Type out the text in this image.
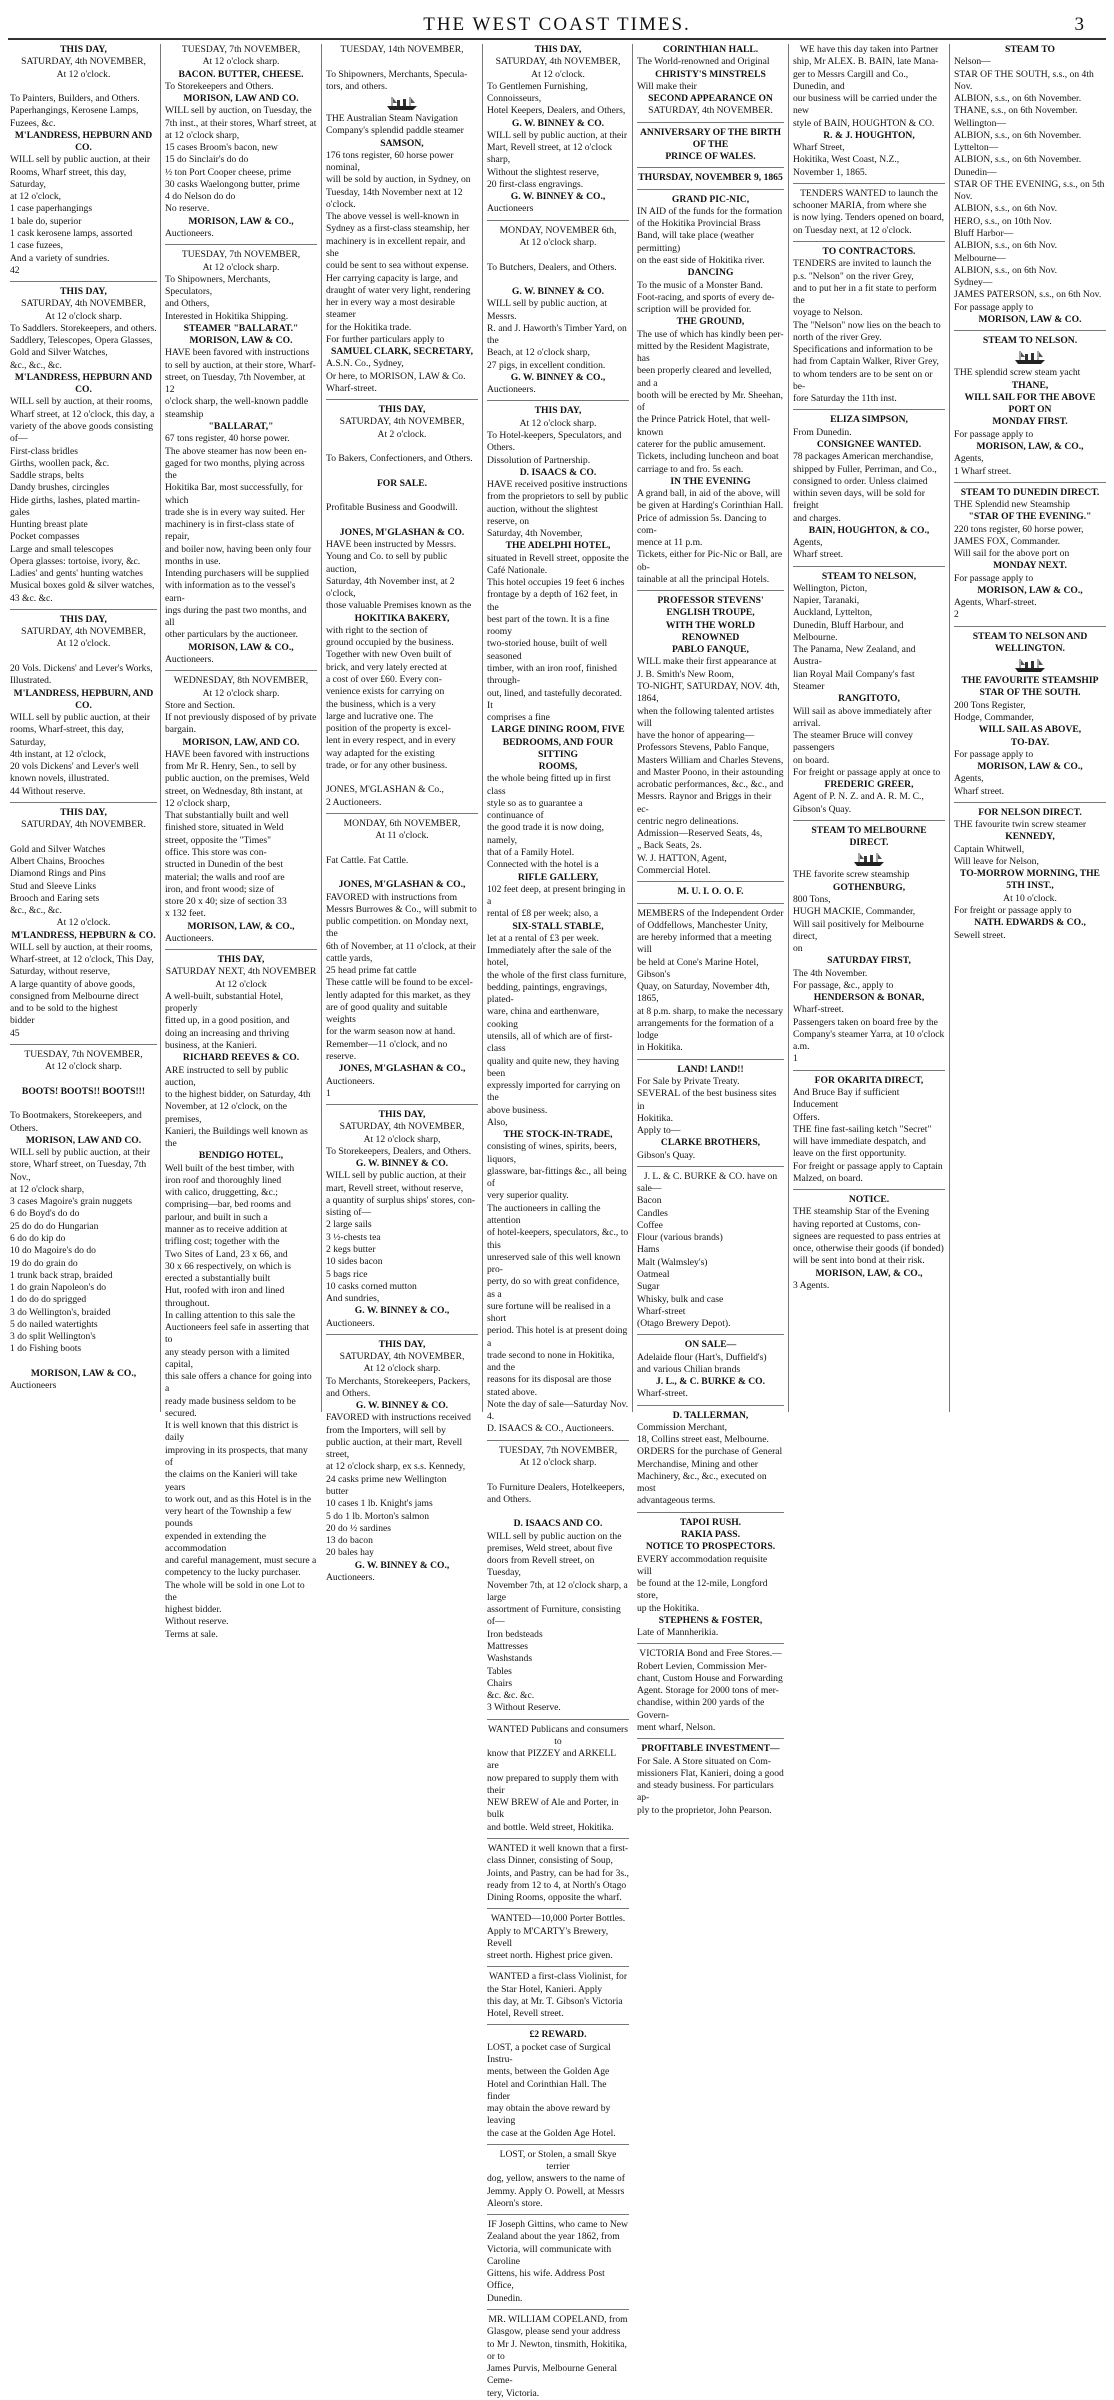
THE WEST COAST TIMES.	3

THIS DAY,

SATURDAY, 4th NOVEMBER,

At 12 o'clock.

To Painters, Builders, and Others.

Paperhangings, Kerosene Lamps,

Fuzees, &c.

M'LANDRESS, HEPBURN AND CO.

WILL sell by public auction, at their

Rooms, Wharf street, this day, Saturday,

at 12 o'clock,

1 case paperhangings

1 bale do, superior

1 cask kerosene lamps, assorted

1 case fuzees,

And a variety of sundries.

42

THIS DAY,

SATURDAY, 4th NOVEMBER,

At 12 o'clock sharp.

To Saddlers. Storekeepers, and others.

Saddlery, Telescopes, Opera Glasses,

Gold and Silver Watches,

&c., &c., &c.

M'LANDRESS, HEPBURN AND CO.

WILL sell by auction, at their rooms,

Wharf street, at 12 o'clock, this day, a

variety of the above goods consisting

of—

First-class bridles

Girths, woollen pack, &c.

Saddle straps, belts

Dandy brushes, circingles

Hide girths, lashes, plated martin-

gales

Hunting breast plate

Pocket compasses

Large and small telescopes

Opera glasses: tortoise, ivory, &c.

Ladies' and gents' hunting watches

Musical boxes gold & silver watches,

43 &c. &c.

THIS DAY,

SATURDAY, 4th NOVEMBER,

At 12 o'clock.

20 Vols. Dickens' and Lever's Works,

Illustrated.

M'LANDRESS, HEPBURN, AND CO.

WILL sell by public auction, at their

rooms, Wharf-street, this day, Saturday,

4th instant, at 12 o'clock,

20 vols Dickens' and Lever's well

known novels, illustrated.

44 Without reserve.

THIS DAY,

SATURDAY, 4th NOVEMBER.

Gold and Silver Watches

Albert Chains, Brooches

Diamond Rings and Pins

Stud and Sleeve Links

Brooch and Earing sets

&c., &c., &c.

At 12 o'clock.

M'LANDRESS, HEPBURN & CO.

WILL sell by auction, at their rooms,

Wharf-street, at 12 o'clock, This Day,

Saturday, without reserve,

A large quantity of above goods,

consigned from Melbourne direct

and to be sold to the highest

bidder

45

TUESDAY, 7th NOVEMBER,

At 12 o'clock sharp.

BOOTS! BOOTS!! BOOTS!!!

To Bootmakers, Storekeepers, and

Others.

MORISON, LAW AND CO.

WILL sell by public auction, at their

store, Wharf street, on Tuesday, 7th Nov.,

at 12 o'clock sharp,

3 cases Magoire's grain nuggets

6 do Boyd's do do

25 do do do Hungarian

6 do do kip do

10 do Magoire's do do

19 do do grain do

1 trunk back strap, braided

1 do grain Napoleon's do

1 do do do sprigged

3 do Wellington's, braided

5 do nailed watertights

3 do split Wellington's

1 do Fishing boots

MORISON, LAW & CO.,

Auctioneers

TUESDAY, 7th NOVEMBER,

At 12 o'clock sharp.

BACON. BUTTER, CHEESE.

To Storekeepers and Others.

MORISON, LAW AND CO.

WILL sell by auction, on Tuesday, the

7th inst., at their stores, Wharf street, at

at 12 o'clock sharp,

15 cases Broom's bacon, new

15 do Sinclair's do do

½ ton Port Cooper cheese, prime

30 casks Waelongong butter, prime

4 do Nelson do do

No reserve.

MORISON, LAW & CO.,

Auctioneers.

TUESDAY, 7th NOVEMBER,

At 12 o'clock sharp.

To Shipowners, Merchants, Speculators,

and Others,

Interested in Hokitika Shipping.

STEAMER "BALLARAT."

MORISON, LAW & CO.

HAVE been favored with instructions

to sell by auction, at their store, Wharf-

street, on Tuesday, 7th November, at 12

o'clock sharp, the well-known paddle

steamship

"BALLARAT,"

67 tons register, 40 horse power.

The above steamer has now been en-

gaged for two months, plying across the

Hokitika Bar, most successfully, for which

trade she is in every way suited. Her

machinery is in first-class state of repair,

and boiler now, having been only four

months in use.

Intending purchasers will be supplied

with information as to the vessel's earn-

ings during the past two months, and all

other particulars by the auctioneer.

MORISON, LAW & CO.,

Auctioneers.

WEDNESDAY, 8th NOVEMBER,

At 12 o'clock sharp.

Store and Section.

If not previously disposed of by private

bargain.

MORISON, LAW, AND CO.

HAVE been favored with instructions

from Mr R. Henry, Sen., to sell by

public auction, on the premises, Weld

street, on Wednesday, 8th instant, at

12 o'clock sharp,

That substantially built and well

finished store, situated in Weld

street, opposite the "Times"

office. This store was con-

structed in Dunedin of the best

material; the walls and roof are

iron, and front wood; size of

store 20 x 40; size of section 33

x 132 feet.

MORISON, LAW, & CO.,

Auctioneers.

THIS DAY,

SATURDAY NEXT, 4th NOVEMBER

At 12 o'clock

A well-built, substantial Hotel, properly

fitted up, in a good position, and

doing an increasing and thriving

business, at the Kanieri.

RICHARD REEVES & CO.

ARE instructed to sell by public auction,

to the highest bidder, on Saturday, 4th

November, at 12 o'clock, on the premises,

Kanieri, the Buildings well known as the

BENDIGO HOTEL,

Well built of the best timber, with

iron roof and thoroughly lined

with calico, druggetting, &c.;

comprising—bar, bed rooms and

parlour, and built in such a

manner as to receive addition at

trifling cost; together with the

Two Sites of Land, 23 x 66, and

30 x 66 respectively, on which is

erected a substantially built

Hut, roofed with iron and lined

throughout.

In calling attention to this sale the

Auctioneers feel safe in asserting that to

any steady person with a limited capital,

this sale offers a chance for going into a

ready made business seldom to be secured.

It is well known that this district is daily

improving in its prospects, that many of

the claims on the Kanieri will take years

to work out, and as this Hotel is in the

very heart of the Township a few pounds

expended in extending the accommodation

and careful management, must secure a

competency to the lucky purchaser.

The whole will be sold in one Lot to the

highest bidder.

Without reserve.

Terms at sale.

TUESDAY, 14th NOVEMBER,

To Shipowners, Merchants, Specula-

tors, and others.

THE Australian Steam Navigation

Company's splendid paddle steamer

SAMSON,

176 tons register, 60 horse power nominal,

will be sold by auction, in Sydney, on

Tuesday, 14th November next at 12

o'clock.

The above vessel is well-known in

Sydney as a first-class steamship, her

machinery is in excellent repair, and she

could be sent to sea without expense.

Her carrying capacity is large, and

draught of water very light, rendering

her in every way a most desirable steamer

for the Hokitika trade.

For further particulars apply to

SAMUEL CLARK, SECRETARY,

A.S.N. Co., Sydney,

Or here, to MORISON, LAW & Co.

Wharf-street.

THIS DAY,

SATURDAY, 4th NOVEMBER,

At 2 o'clock.

To Bakers, Confectioners, and Others.

FOR SALE.

Profitable Business and Goodwill.

JONES, M'GLASHAN & CO.

HAVE been instructed by Messrs.

Young and Co. to sell by public auction,

Saturday, 4th November inst, at 2 o'clock,

those valuable Premises known as the

HOKITIKA BAKERY,

with right to the section of

ground occupied by the business.

Together with new Oven built of

brick, and very lately erected at

a cost of over £60. Every con-

venience exists for carrying on

the business, which is a very

large and lucrative one. The

position of the property is excel-

lent in every respect, and in every

way adapted for the existing

trade, or for any other business.

JONES, M'GLASHAN & Co.,

2 Auctioneers.

MONDAY, 6th NOVEMBER,

At 11 o'clock.

Fat Cattle. Fat Cattle.

JONES, M'GLASHAN & CO.,

FAVORED with instructions from

Messrs Burrowes & Co., will submit to

public competition. on Monday next, the

6th of November, at 11 o'clock, at their

cattle yards,

25 head prime fat cattle

These cattle will be found to be excel-

lently adapted for this market, as they

are of good quality and suitable weights

for the warm season now at hand.

Remember—11 o'clock, and no reserve.

JONES, M'GLASHAN & CO.,

Auctioneers.

1

THIS DAY,

SATURDAY, 4th NOVEMBER,

At 12 o'clock sharp,

To Storekeepers, Dealers, and Others.

G. W. BINNEY & CO.

WILL sell by public auction, at their

mart, Revell street, without reserve,

a quantity of surplus ships' stores, con-

sisting of—

2 large sails

3 ½-chests tea

2 kegs butter

10 sides bacon

5 bags rice

10 casks corned mutton

And sundries,

G. W. BINNEY & CO.,

Auctioneers.

THIS DAY,

SATURDAY, 4th NOVEMBER,

At 12 o'clock sharp.

To Merchants, Storekeepers, Packers,

and Others.

G. W. BINNEY & CO.

FAVORED with instructions received

from the Importers, will sell by

public auction, at their mart, Revell street,

at 12 o'clock sharp, ex s.s. Kennedy,

24 casks prime new Wellington

butter

10 cases 1 lb. Knight's jams

5 do 1 lb. Morton's salmon

20 do ½ sardines

13 do bacon

20 bales hay

G. W. BINNEY & CO.,

Auctioneers.

THIS DAY,

SATURDAY, 4th NOVEMBER,

At 12 o'clock.

To Gentlemen Furnishing, Connoisseurs,

Hotel Keepers, Dealers, and Others,

G. W. BINNEY & CO.

WILL sell by public auction, at their

Mart, Revell street, at 12 o'clock sharp,

Without the slightest reserve,

20 first-class engravings.

G. W. BINNEY & CO.,

Auctioneers

MONDAY, NOVEMBER 6th,

At 12 o'clock sharp.

To Butchers, Dealers, and Others.

G. W. BINNEY & CO.

WILL sell by public auction, at Messrs.

R. and J. Haworth's Timber Yard, on the

Beach, at 12 o'clock sharp,

27 pigs, in excellent condition.

G. W. BINNEY & CO.,

Auctioneers.

THIS DAY,

At 12 o'clock sharp.

To Hotel-keepers, Speculators, and

Others.

Dissolution of Partnership.

D. ISAACS & CO.

HAVE received positive instructions

from the proprietors to sell by public

auction, without the slightest reserve, on

Saturday, 4th November,

THE ADELPHI HOTEL,

situated in Revell street, opposite the

Café Nationale.

This hotel occupies 19 feet 6 inches

frontage by a depth of 162 feet, in the

best part of the town. It is a fine roomy

two-storied house, built of well seasoned

timber, with an iron roof, finished through-

out, lined, and tastefully decorated. It

comprises a fine

LARGE DINING ROOM, FIVE

BEDROOMS, AND FOUR SITTING

ROOMS,

the whole being fitted up in first class

style so as to guarantee a continuance of

the good trade it is now doing, namely,

that of a Family Hotel.

Connected with the hotel is a

RIFLE GALLERY,

102 feet deep, at present bringing in a

rental of £8 per week; also, a

SIX-STALL STABLE,

let at a rental of £3 per week.

Immediately after the sale of the hotel,

the whole of the first class furniture,

bedding, paintings, engravings, plated-

ware, china and earthenware, cooking

utensils, all of which are of first-class

quality and quite new, they having been

expressly imported for carrying on the

above business.

Also,

THE STOCK-IN-TRADE,

consisting of wines, spirits, beers, liquors,

glassware, bar-fittings &c., all being of

very superior quality.

The auctioneers in calling the attention

of hotel-keepers, speculators, &c., to this

unreserved sale of this well known pro-

perty, do so with great confidence, as a

sure fortune will be realised in a short

period. This hotel is at present doing a

trade second to none in Hokitika, and the

reasons for its disposal are those

stated above.

Note the day of sale—Saturday Nov. 4.

D. ISAACS & CO., Auctioneers.

TUESDAY, 7th NOVEMBER,

At 12 o'clock sharp.

To Furniture Dealers, Hotelkeepers,

and Others.

D. ISAACS AND CO.

WILL sell by public auction on the

premises, Weld street, about five

doors from Revell street, on Tuesday,

November 7th, at 12 o'clock sharp, a large

assortment of Furniture, consisting of—

Iron bedsteads

Mattresses

Washstands

Tables

Chairs

&c. &c. &c.

3 Without Reserve.

WANTED Publicans and consumers to

know that PIZZEY and ARKELL are

now prepared to supply them with their

NEW BREW of Ale and Porter, in bulk

and bottle. Weld street, Hokitika.

WANTED it well known that a first-

class Dinner, consisting of Soup,

Joints, and Pastry, can be had for 3s.,

ready from 12 to 4, at North's Otago

Dining Rooms, opposite the wharf.

WANTED—10,000 Porter Bottles.

Apply to M'CARTY's Brewery, Revell

street north. Highest price given.

WANTED a first-class Violinist, for

the Star Hotel, Kanieri. Apply

this day, at Mr. T. Gibson's Victoria

Hotel, Revell street.

£2 REWARD.

LOST, a pocket case of Surgical Instru-

ments, between the Golden Age

Hotel and Corinthian Hall. The finder

may obtain the above reward by leaving

the case at the Golden Age Hotel.

LOST, or Stolen, a small Skye terrier

dog, yellow, answers to the name of

Jemmy. Apply O. Powell, at Messrs

Aleorn's store.

IF Joseph Gittins, who came to New

Zealand about the year 1862, from

Victoria, will communicate with Caroline

Gittens, his wife. Address Post Office,

Dunedin.

MR. WILLIAM COPELAND, from

Glasgow, please send your address

to Mr J. Newton, tinsmith, Hokitika, or to

James Purvis, Melbourne General Ceme-

tery, Victoria.

CORINTHIAN HALL.

The World-renowned and Original

CHRISTY'S MINSTRELS

Will make their

SECOND APPEARANCE ON

SATURDAY, 4th NOVEMBER.

ANNIVERSARY OF THE BIRTH OF THE

PRINCE OF WALES.

THURSDAY, NOVEMBER 9, 1865

GRAND PIC-NIC,

IN AID of the funds for the formation

of the Hokitika Provincial Brass

Band, will take place (weather permitting)

on the east side of Hokitika river.

DANCING

To the music of a Monster Band.

Foot-racing, and sports of every de-

scription will be provided for.

THE GROUND,

The use of which has kindly been per-

mitted by the Resident Magistrate, has

been properly cleared and levelled, and a

booth will be erected by Mr. Sheehan, of

the Prince Patrick Hotel, that well-known

caterer for the public amusement.

Tickets, including luncheon and boat

carriage to and fro. 5s each.

IN THE EVENING

A grand ball, in aid of the above, will

be given at Harding's Corinthian Hall.

Price of admission 5s. Dancing to com-

mence at 11 p.m.

Tickets, either for Pic-Nic or Ball, are ob-

tainable at all the principal Hotels.

PROFESSOR STEVENS' ENGLISH TROUPE,

WITH THE WORLD RENOWNED

PABLO FANQUE,

WILL make their first appearance at

J. B. Smith's New Room,

TO-NIGHT, SATURDAY, NOV. 4th, 1864,

when the following talented artistes will

have the honor of appearing—

Professors Stevens, Pablo Fanque,

Masters William and Charles Stevens,

and Master Poono, in their astounding

acrobatic performances, &c., &c., and

Messrs. Raynor and Briggs in their ec-

centric negro delineations.

Admission—Reserved Seats, 4s,

„ Back Seats, 2s.

W. J. HATTON, Agent,

Commercial Hotel.

M. U. I. O. O. F.

MEMBERS of the Independent Order

of Oddfellows, Manchester Unity,

are hereby informed that a meeting will

be held at Cone's Marine Hotel, Gibson's

Quay, on Saturday, November 4th, 1865,

at 8 p.m. sharp, to make the necessary

arrangements for the formation of a lodge

in Hokitika.

LAND! LAND!!

For Sale by Private Treaty.

SEVERAL of the best business sites in

Hokitika.

Apply to—

CLARKE BROTHERS,

Gibson's Quay.

J. L. & C. BURKE & CO. have on

sale—

Bacon

Candles

Coffee

Flour (various brands)

Hams

Malt (Walmsley's)

Oatmeal

Sugar

Whisky, bulk and case

Wharf-street

(Otago Brewery Depot).

ON SALE—

Adelaide flour (Hart's, Duffield's)

and various Chilian brands

J. L., & C. BURKE & CO.

Wharf-street.

D. TALLERMAN,

Commission Merchant,

18, Collins street east, Melbourne.

ORDERS for the purchase of General

Merchandise, Mining and other

Machinery, &c., &c., executed on most

advantageous terms.

TAPOI RUSH.

RAKIA PASS.

NOTICE TO PROSPECTORS.

EVERY accommodation requisite will

be found at the 12-mile, Longford store,

up the Hokitika.

STEPHENS & FOSTER,

Late of Mannherikia.

VICTORIA Bond and Free Stores.—

Robert Levien, Commission Mer-

chant, Custom House and Forwarding

Agent. Storage for 2000 tons of mer-

chandise, within 200 yards of the Govern-

ment wharf, Nelson.

PROFITABLE INVESTMENT—

For Sale. A Store situated on Com-

missioners Flat, Kanieri, doing a good

and steady business. For particulars ap-

ply to the proprietor, John Pearson.

WE have this day taken into Partner

ship, Mr ALEX. B. BAIN, late Mana-

ger to Messrs Cargill and Co., Dunedin, and

our business will be carried under the new

style of BAIN, HOUGHTON & CO.

R. & J. HOUGHTON,

Wharf Street,

Hokitika, West Coast, N.Z.,

November 1, 1865.

TENDERS WANTED to launch the

schooner MARIA, from where she

is now lying. Tenders opened on board,

on Tuesday next, at 12 o'clock.

TO CONTRACTORS.

TENDERS are invited to launch the

p.s. "Nelson" on the river Grey,

and to put her in a fit state to perform the

voyage to Nelson.

The "Nelson" now lies on the beach to

north of the river Grey.

Specifications and information to be

had from Captain Walker, River Grey,

to whom tenders are to be sent on or be-

fore Saturday the 11th inst.

ELIZA SIMPSON,

From Dunedin.

CONSIGNEE WANTED.

78 packages American merchandise,

shipped by Fuller, Perriman, and Co.,

consigned to order. Unless claimed

within seven days, will be sold for freight

and charges.

BAIN, HOUGHTON, & CO.,

Agents,

Wharf street.

STEAM TO NELSON,

Wellington, Picton,

Napier, Taranaki,

Auckland, Lyttelton,

Dunedin, Bluff Harbour, and

Melbourne.

The Panama, New Zealand, and Austra-

lian Royal Mail Company's fast

Steamer

RANGITOTO,

Will sail as above immediately after

arrival.

The steamer Bruce will convey passengers

on board.

For freight or passage apply at once to

FREDERIC GREER,

Agent of P. N. Z. and A. R. M. C.,

Gibson's Quay.

STEAM TO MELBOURNE DIRECT.

THE favorite screw steamship

GOTHENBURG,

800 Tons,

HUGH MACKIE, Commander,

Will sail positively for Melbourne direct,

on

SATURDAY FIRST,

The 4th November.

For passage, &c., apply to

HENDERSON & BONAR,

Wharf-street.

Passengers taken on board free by the

Company's steamer Yarra, at 10 o'clock

a.m.

1

FOR OKARITA DIRECT,

And Bruce Bay if sufficient Inducement

Offers.

THE fine fast-sailing ketch "Secret"

will have immediate despatch, and

leave on the first opportunity.

For freight or passage apply to Captain

Malzed, on board.

NOTICE.

THE steamship Star of the Evening

having reported at Customs, con-

signees are requested to pass entries at

once, otherwise their goods (if bonded)

will be sent into bond at their risk.

MORISON, LAW, & CO.,

3 Agents.

STEAM TO

Nelson—

STAR OF THE SOUTH, s.s., on 4th Nov.

ALBION, s.s., on 6th November.

THANE, s.s., on 6th November.

Wellington—

ALBION, s.s., on 6th November.

Lyttelton—

ALBION, s.s., on 6th November.

Dunedin—

STAR OF THE EVENING, s.s., on 5th Nov.

ALBION, s.s., on 6th Nov.

HERO, s.s., on 10th Nov.

Bluff Harbor—

ALBION, s.s., on 6th Nov.

Melbourne—

ALBION, s.s., on 6th Nov.

Sydney—

JAMES PATERSON, s.s., on 6th Nov.

For passage apply to

MORISON, LAW & CO.

STEAM TO NELSON.

THE splendid screw steam yacht

THANE,

WILL SAIL FOR THE ABOVE PORT ON

MONDAY FIRST.

For passage apply to

MORISON, LAW, & CO.,

Agents,

1 Wharf street.

STEAM TO DUNEDIN DIRECT.

THE Splendid new Steamship

"STAR OF THE EVENING."

220 tons register, 60 horse power,

JAMES FOX, Commander.

Will sail for the above port on

MONDAY NEXT.

For passage apply to

MORISON, LAW & CO.,

Agents, Wharf-street.

2

STEAM TO NELSON AND

WELLINGTON.

THE FAVOURITE STEAMSHIP

STAR OF THE SOUTH.

200 Tons Register,

Hodge, Commander,

WILL SAIL AS ABOVE,

TO-DAY.

For passage apply to

MORISON, LAW & CO.,

Agents,

Wharf street.

FOR NELSON DIRECT.

THE favourite twin screw steamer

KENNEDY,

Captain Whitwell,

Will leave for Nelson,

TO-MORROW MORNING, THE 5TH INST.,

At 10 o'clock.

For freight or passage apply to

NATH. EDWARDS & CO.,

Sewell street.
